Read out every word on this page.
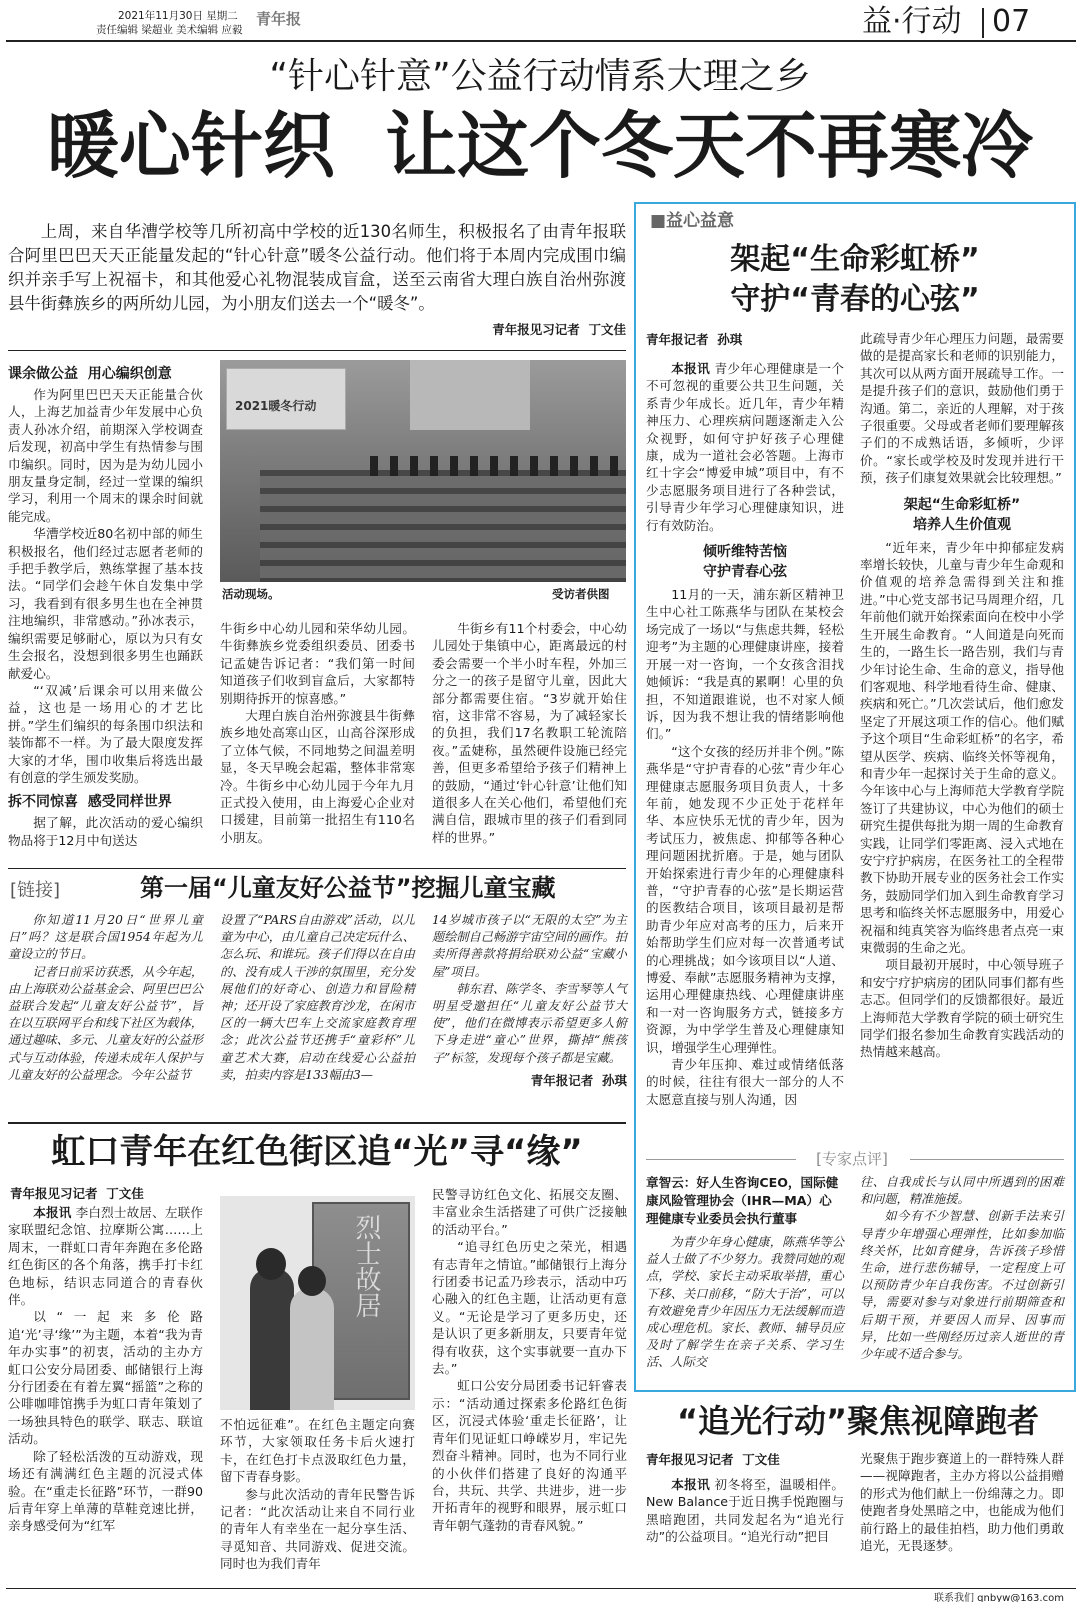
2021年11月30日 星期二
责任编辑 梁超业 美术编辑 应毅
青年报	益·行动 07
“针心针意”公益行动情系大理之乡
暖心针织  让这个冬天不再寒冷

上周，来自华漕学校等几所初高中学校的近130名师生，积极报名了由青年报联合阿里巴巴天天正能量发起的“针心针意”暖冬公益行动。他们将于本周内完成围巾编织并亲手写上祝福卡，和其他爱心礼物混装成盲盒，送至云南省大理白族自治州弥渡县牛街彝族乡的两所幼儿园，为小朋友们送去一个“暖冬”。

青年报见习记者  丁文佳
课余做公益  用心编织创意

作为阿里巴巴天天正能量合伙人，上海艺加益青少年发展中心负责人孙冰介绍，前期深入学校调查后发现，初高中学生有热情参与围巾编织。同时，因为是为幼儿园小朋友量身定制，经过一堂课的编织学习，利用一个周末的课余时间就能完成。

华漕学校近80名初中部的师生积极报名，他们经过志愿者老师的手把手教学后，熟练掌握了基本技法。“同学们会趁午休自发集中学习，我看到有很多男生也在全神贯注地编织，非常感动。”孙冰表示，编织需要足够耐心，原以为只有女生会报名，没想到很多男生也踊跃献爱心。

“‘双减’后课余可以用来做公益，这也是一场用心的才艺比拼。”学生们编织的每条围巾织法和装饰都不一样。为了最大限度发挥大家的才华，围巾收集后将选出最有创意的学生颁发奖励。

拆不同惊喜  感受同样世界

据了解，此次活动的爱心编织物品将于12月中旬送达

2021暖冬行动
活动现场。	受访者供图

牛街乡中心幼儿园和荣华幼儿园。牛街彝族乡党委组织委员、团委书记孟婕告诉记者：“我们第一时间知道孩子们收到盲盒后，大家都特别期待拆开的惊喜感。”

大理白族自治州弥渡县牛街彝族乡地处高寒山区，山高谷深形成了立体气候，不同地势之间温差明显，冬天早晚会起霜，整体非常寒冷。牛街乡中心幼儿园于今年九月正式投入使用，由上海爱心企业对口援建，目前第一批招生有110名小朋友。

牛街乡有11个村委会，中心幼儿园处于集镇中心，距离最远的村委会需要一个半小时车程，外加三分之一的孩子是留守儿童，因此大部分都需要住宿。“3岁就开始住宿，这非常不容易，为了减轻家长的负担，我们17名教职工轮流陪夜。”孟婕称，虽然硬件设施已经完善，但更多希望给予孩子们精神上的鼓励，“通过‘针心针意’让他们知道很多人在关心他们，希望他们充满自信，跟城市里的孩子们看到同样的世界。”

[链接]	第一届“儿童友好公益节”挖掘儿童宝藏

你知道11月20日“世界儿童日”吗？这是联合国1954年起为儿童设立的节日。

记者日前采访获悉，从今年起，由上海联劝公益基金会、阿里巴巴公益联合发起“儿童友好公益节”，旨在以互联网平台和线下社区为载体，通过趣味、多元、儿童友好的公益形式与互动体验，传递未成年人保护与儿童友好的公益理念。今年公益节

设置了“PARS自由游戏”活动，以儿童为中心，由儿童自己决定玩什么、怎么玩、和谁玩。孩子们得以在自由的、没有成人干涉的氛围里，充分发展他们的好奇心、创造力和冒险精神；还开设了家庭教育沙龙，在闲市区的一辆大巴车上交流家庭教育理念；此次公益节还携手“童彩杯”儿童艺术大赛，启动在线爱心公益拍卖，拍卖内容是133幅由3—

14岁城市孩子以“无限的太空”为主题绘制自己畅游宇宙空间的画作。拍卖所得善款将捐给联劝公益“宝藏小屋”项目。

韩东君、陈学冬、李雪琴等人气明星受邀担任“儿童友好公益节大使”，他们在微博表示希望更多人俯下身走进“童心”世界，撕掉“熊孩子”标签，发现每个孩子都是宝藏。

青年报记者  孙琪
虹口青年在红色街区追“光”寻“缘”
青年报见习记者  丁文佳

本报讯 李白烈士故居、左联作家联盟纪念馆、拉摩斯公寓……上周末，一群虹口青年奔跑在多伦路红色街区的各个角落，携手打卡红色地标，结识志同道合的青春伙伴。

以“一起来多伦路追‘光’寻‘缘’”为主题，本着“我为青年办实事”的初衷，活动的主办方虹口公安分局团委、邮储银行上海分行团委在有着左翼“摇篮”之称的公啡咖啡馆携手为虹口青年策划了一场独具特色的联学、联志、联谊活动。

除了轻松活泼的互动游戏，现场还有满满红色主题的沉浸式体验。在“重走长征路”环节，一群90后青年穿上单薄的草鞋竞速比拼，亲身感受何为“红军

烈士故居

不怕远征难”。在红色主题定向赛环节，大家领取任务卡后火速打卡，在红色打卡点汲取红色力量，留下青春身影。

参与此次活动的青年民警告诉记者：“此次活动让来自不同行业的青年人有幸坐在一起分享生活、寻觅知音、共同游戏、促进交流。同时也为我们青年

民警寻访红色文化、拓展交友圈、丰富业余生活搭建了可供广泛接触的活动平台。”

“追寻红色历史之荣光，相遇有志青年之情谊。”邮储银行上海分行团委书记孟乃珍表示，活动中巧心融入的红色主题，让活动更有意义。“无论是学习了更多历史，还是认识了更多新朋友，只要青年觉得有收获，这个实事就要一直办下去。”

虹口公安分局团委书记轩睿表示：“活动通过探索多伦路红色街区，沉浸式体验‘重走长征路’，让青年们见证虹口峥嵘岁月，牢记先烈奋斗精神。同时，也为不同行业的小伙伴们搭建了良好的沟通平台，共玩、共学、共进步，进一步开拓青年的视野和眼界，展示虹口青年朝气蓬勃的青春风貌。”

■益心益意
架起“生命彩虹桥”
守护“青春的心弦”
青年报记者  孙琪

本报讯 青少年心理健康是一个不可忽视的重要公共卫生问题，关系青少年成长。近几年，青少年精神压力、心理疾病问题逐渐走入公众视野，如何守护好孩子心理健康，成为一道社会必答题。上海市红十字会“博爱申城”项目中，有不少志愿服务项目进行了各种尝试，引导青少年学习心理健康知识，进行有效防治。

倾听维特苦恼
守护青春心弦

11月的一天，浦东新区精神卫生中心社工陈燕华与团队在某校会场完成了一场以“与焦虑共舞，轻松迎考”为主题的心理健康讲座，接着开展一对一咨询，一个女孩含泪找她倾诉：“我是真的累啊！心里的负担，不知道跟谁说，也不对家人倾诉，因为我不想让我的情绪影响他们。”

“这个女孩的经历并非个例。”陈燕华是“守护青春的心弦”青少年心理健康志愿服务项目负责人，十多年前，她发现不少正处于花样年华、本应快乐无忧的青少年，因为考试压力，被焦虑、抑郁等各种心理问题困扰折磨。于是，她与团队开始探索进行青少年的心理健康科普，“守护青春的心弦”是长期运营的医教结合项目，该项目最初是帮助青少年应对高考的压力，后来开始帮助学生们应对每一次普通考试的心理挑战；如今该项目以“人道、博爱、奉献”志愿服务精神为支撑，运用心理健康热线、心理健康讲座和一对一咨询服务方式，链接多方资源，为中学学生普及心理健康知识，增强学生心理弹性。

青少年压抑、难过或情绪低落的时候，往往有很大一部分的人不太愿意直接与别人沟通，因

此疏导青少年心理压力问题，最需要做的是提高家长和老师的识别能力，其次可以从两方面开展疏导工作。一是提升孩子们的意识，鼓励他们勇于沟通。第二，亲近的人理解，对于孩子很重要。父母或者老师们要理解孩子们的不成熟话语，多倾听，少评价。“家长或学校及时发现并进行干预，孩子们康复效果就会比较理想。”

架起“生命彩虹桥”
培养人生价值观

“近年来，青少年中抑郁症发病率增长较快，儿童与青少年生命观和价值观的培养急需得到关注和推进。”中心党支部书记马周理介绍，几年前他们就开始探索面向在校中小学生开展生命教育。“人间道是向死而生的，一路生长一路告别，我们与青少年讨论生命、生命的意义，指导他们客观地、科学地看待生命、健康、疾病和死亡。”几次尝试后，他们愈发坚定了开展这项工作的信心。他们赋予这个项目“生命彩虹桥”的名字，希望从医学、疾病、临终关怀等视角，和青少年一起探讨关于生命的意义。今年该中心与上海师范大学教育学院签订了共建协议，中心为他们的硕士研究生提供每批为期一周的生命教育实践，让同学们零距离、浸入式地在安宁疗护病房，在医务社工的全程带教下协助开展专业的医务社会工作实务，鼓励同学们加入到生命教育学习思考和临终关怀志愿服务中，用爱心祝福和纯真笑容为临终患者点亮一束束微弱的生命之光。

项目最初开展时，中心领导班子和安宁疗护病房的团队同事们都有些志忑。但同学们的反馈都很好。最近上海师范大学教育学院的硕士研究生同学们报名参加生命教育实践活动的热情越来越高。

[专家点评]
章智云：好人生咨询CEO，国际健康风险管理协会（IHR—MA）心理健康专业委员会执行董事

为青少年身心健康，陈燕华等公益人士做了不少努力。我赞同她的观点，学校、家长主动采取举措，重心下移、关口前移，“防大于治”，可以有效避免青少年因压力无法缓解而造成心理危机。家长、教师、辅导员应及时了解学生在亲子关系、学习生活、人际交

往、自我成长与认同中所遇到的困难和问题，精准施援。

如今有不少智慧、创新手法来引导青少年增强心理弹性，比如参加临终关怀，比如育健身，告诉孩子珍惜生命，进行悲伤辅导，一定程度上可以预防青少年自我伤害。不过创新引导，需要对参与对象进行前期筛查和后期干预，并要因人而异、因事而异，比如一些刚经历过亲人逝世的青少年或不适合参与。

“追光行动”聚焦视障跑者
青年报见习记者  丁文佳

本报讯 初冬将至，温暖相伴。New Balance于近日携手悦跑圈与黑暗跑团，共同发起名为“追光行动”的公益项目。“追光行动”把目

光聚焦于跑步赛道上的一群特殊人群——视障跑者，主办方将以公益捐赠的形式为他们献上一份绵薄之力。即使跑者身处黑暗之中，也能成为他们前行路上的最佳拍档，助力他们勇敢追光，无畏逐梦。

联系我们 qnbyw@163.com
